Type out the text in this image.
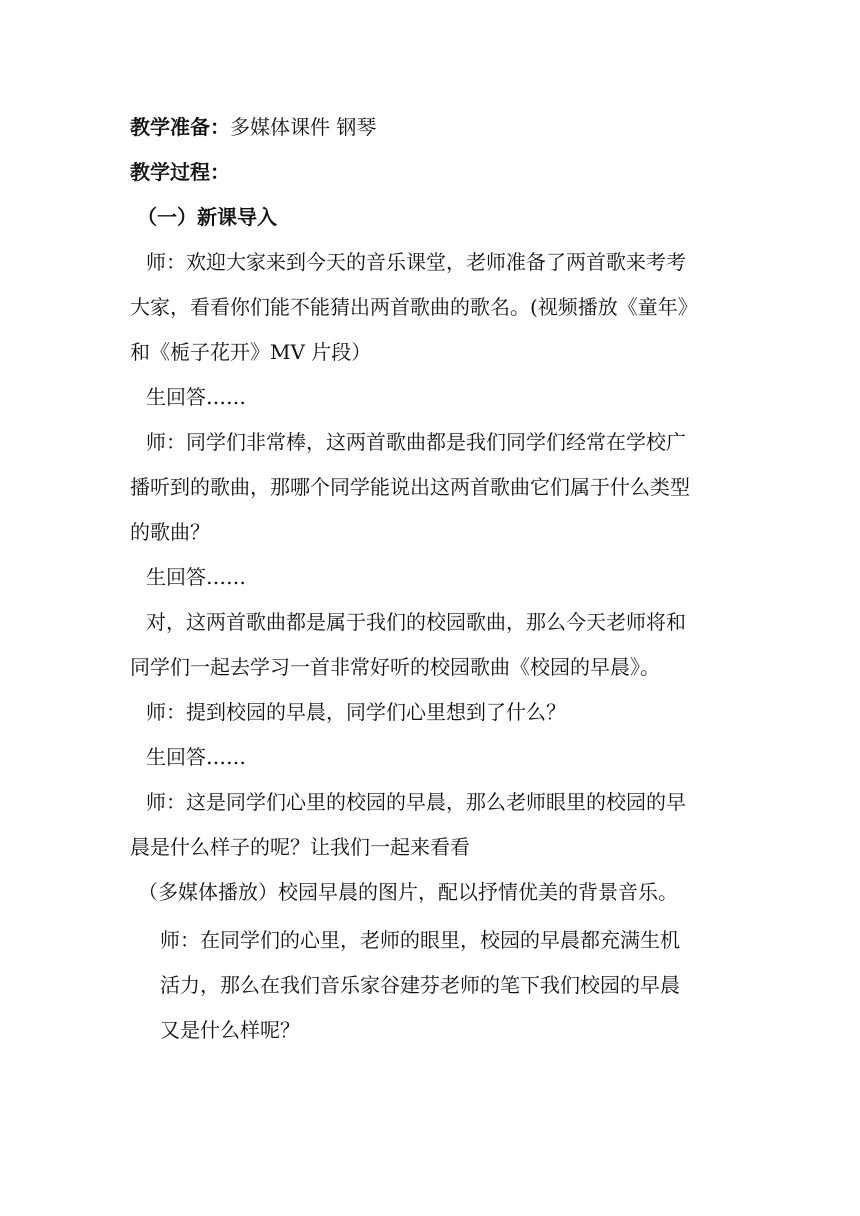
教学准备：多媒体课件 钢琴
教学过程：
（一）新课导入
师：欢迎大家来到今天的音乐课堂，老师准备了两首歌来考考
大家，看看你们能不能猜出两首歌曲的歌名。(视频播放《童年》
和《栀子花开》MV 片段）
生回答……
师：同学们非常棒，这两首歌曲都是我们同学们经常在学校广
播听到的歌曲，那哪个同学能说出这两首歌曲它们属于什么类型
的歌曲？
生回答……
对，这两首歌曲都是属于我们的校园歌曲，那么今天老师将和
同学们一起去学习一首非常好听的校园歌曲《校园的早晨》。
师：提到校园的早晨，同学们心里想到了什么？
生回答……
师：这是同学们心里的校园的早晨，那么老师眼里的校园的早
晨是什么样子的呢？让我们一起来看看
（多媒体播放）校园早晨的图片，配以抒情优美的背景音乐。
师：在同学们的心里，老师的眼里，校园的早晨都充满生机
活力，那么在我们音乐家谷建芬老师的笔下我们校园的早晨
又是什么样呢？
